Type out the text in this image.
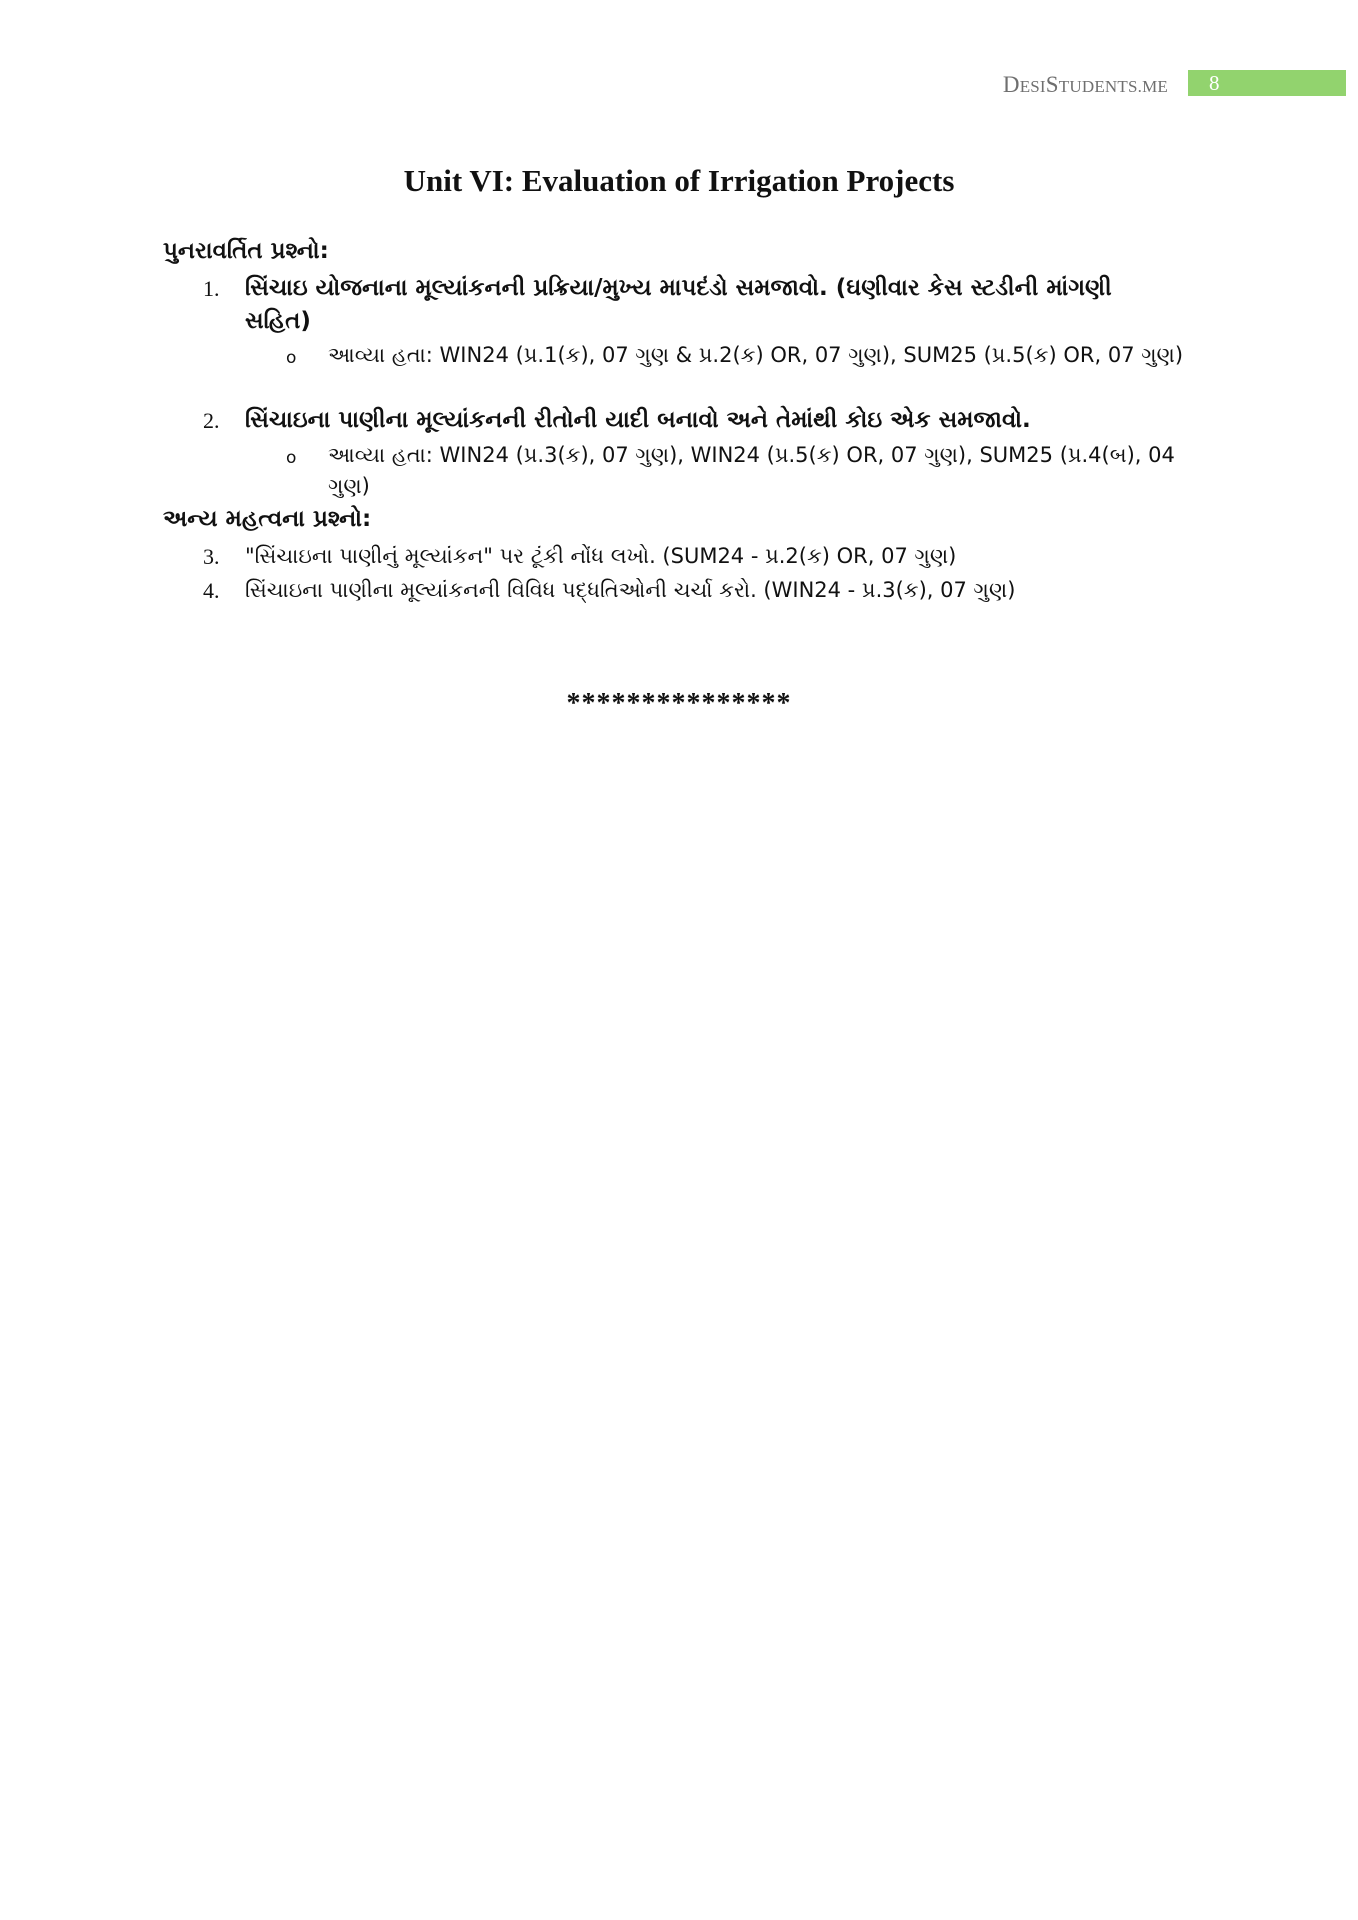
DESISTUDENTS.ME 8
Unit VI: Evaluation of Irrigation Projects
પુનરાવર્તિત પ્રશ્નો:
1. સિંચાઇ યોજનાના મૂલ્યાંકનની પ્રક્રિયા/મુખ્ય માપદંડો સમજાવો. (ઘણીવાર કેસ સ્ટડીની માંગણી સહિત)
o આવ્યા હતા: WIN24 (પ્ર.1(ક), 07 ગુણ & પ્ર.2(ક) OR, 07 ગુણ), SUM25 (પ્ર.5(ક) OR, 07 ગુણ)
2. સિંચાઇના પાણીના મૂલ્યાંકનની રીતોની યાદી બનાવો અને તેમાંથી કોઇ એક સમજાવો.
o આવ્યા હતા: WIN24 (પ્ર.3(ક), 07 ગુણ), WIN24 (પ્ર.5(ક) OR, 07 ગુણ), SUM25 (પ્ર.4(બ), 04 ગુણ)
અન્ય મહત્વના પ્રશ્નો:
3. "સિંચાઇના પાણીનું મૂલ્યાંકન" પર ટૂંકી નોંધ લખો. (SUM24 - પ્ર.2(ક) OR, 07 ગુણ)
4. સિંચાઇના પાણીના મૂલ્યાંકનની વિવિધ પદ્ધતિઓની ચર્ચા કરો. (WIN24 - પ્ર.3(ક), 07 ગુણ)
***************
